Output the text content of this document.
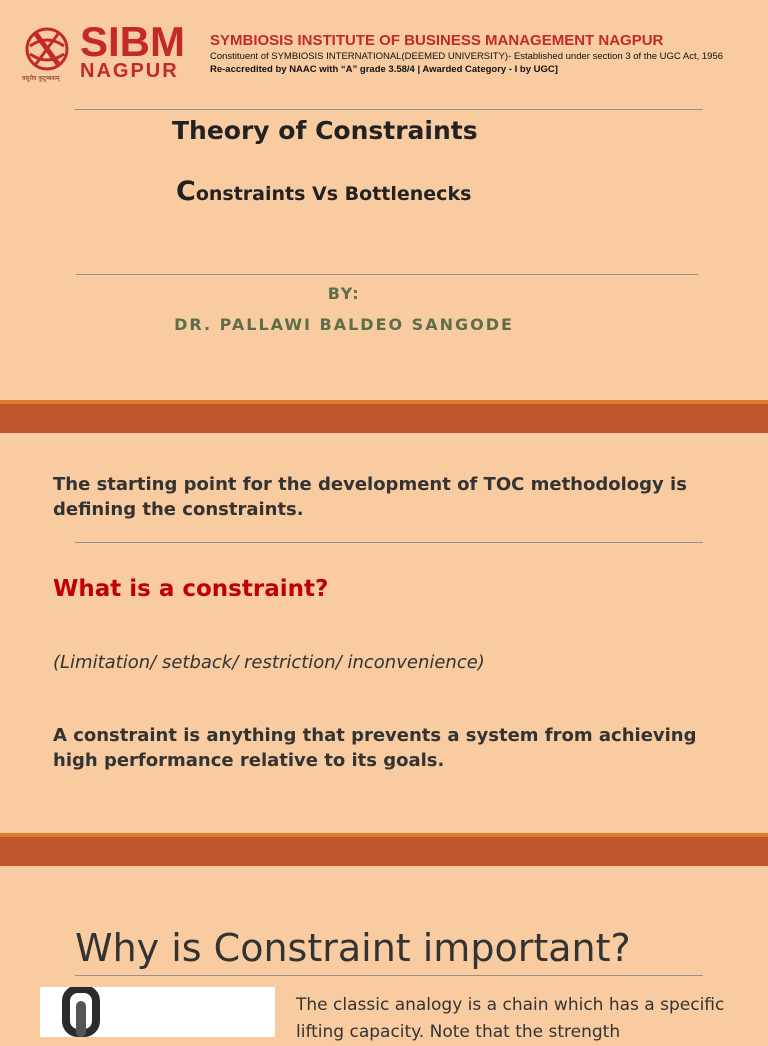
SIBM
NAGPUR
वसुधैव कुटुम्बकम्
SYMBIOSIS INSTITUTE OF BUSINESS MANAGEMENT NAGPUR
Constituent of SYMBIOSIS INTERNATIONAL(DEEMED UNIVERSITY)- Established under section 3 of the UGC Act, 1956
Re-accredited by NAAC with “A” grade 3.58/4 | Awarded Category - I by UGC]
Theory of Constraints
Constraints Vs Bottlenecks
BY:
DR. PALLAWI BALDEO SANGODE
The starting point for the development of TOC methodology is defining the constraints.
What is a constraint?
(Limitation/ setback/ restriction/ inconvenience)
A constraint is anything that prevents a system from achieving high performance relative to its goals.
Why is Constraint important?
The classic analogy is a chain which has a specific lifting capacity. Note that the strength
